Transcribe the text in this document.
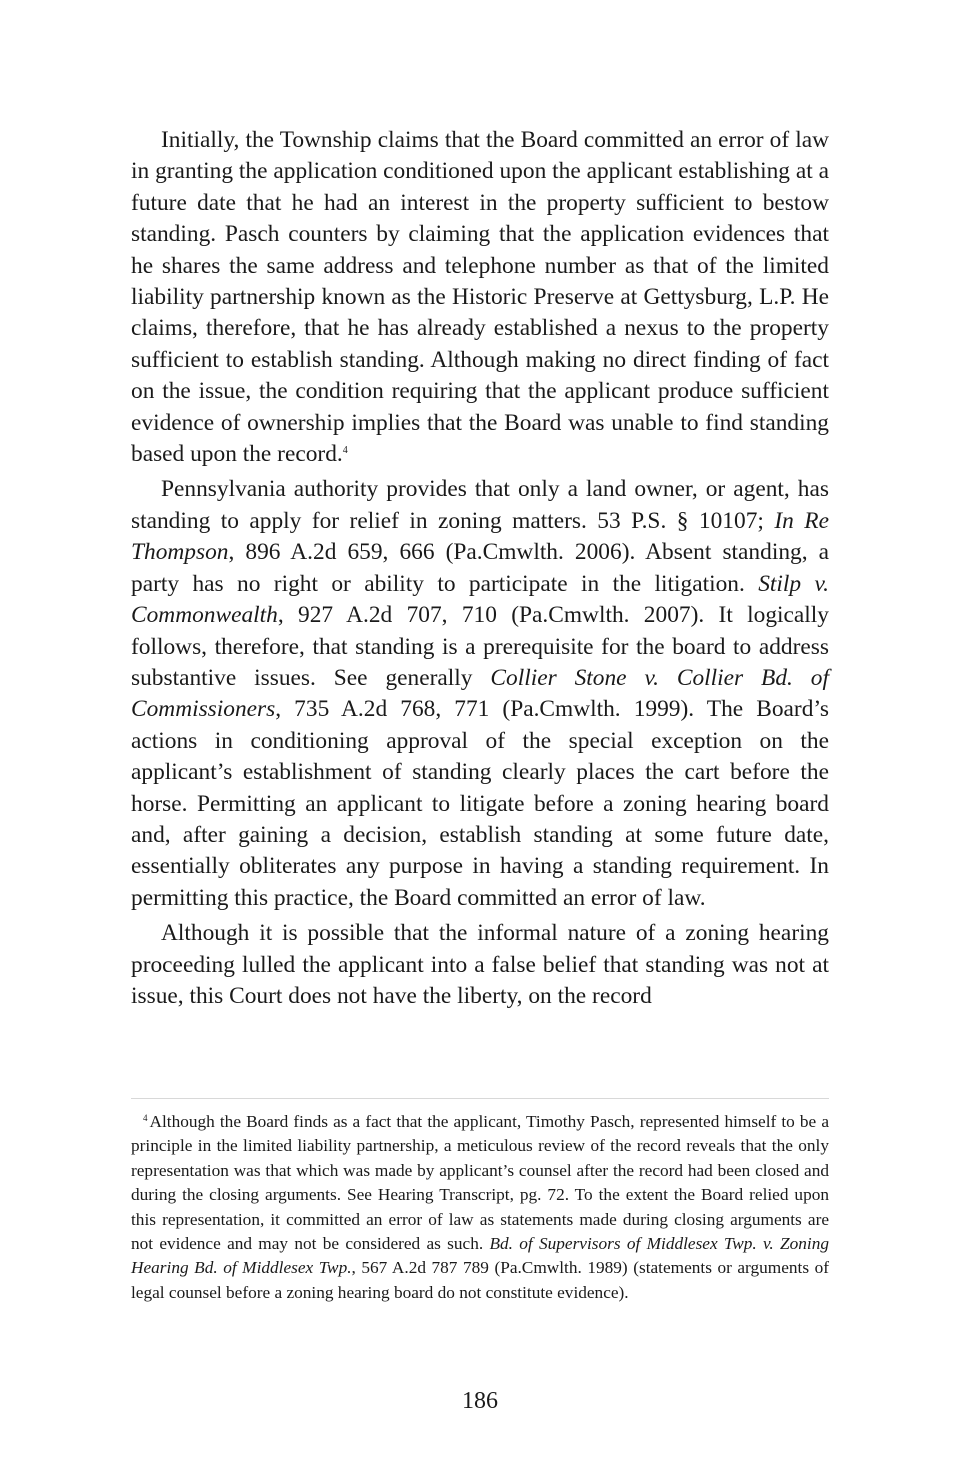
Initially, the Township claims that the Board committed an error of law in granting the application conditioned upon the applicant establishing at a future date that he had an interest in the property sufficient to bestow standing. Pasch counters by claiming that the application evidences that he shares the same address and telephone number as that of the limited liability partnership known as the Historic Preserve at Gettysburg, L.P. He claims, therefore, that he has already established a nexus to the property sufficient to establish standing. Although making no direct finding of fact on the issue, the condition requiring that the applicant produce sufficient evidence of ownership implies that the Board was unable to find standing based upon the record.$^4$

Pennsylvania authority provides that only a land owner, or agent, has standing to apply for relief in zoning matters. 53 P.S. § 10107; In Re Thompson, 896 A.2d 659, 666 (Pa.Cmwlth. 2006). Absent standing, a party has no right or ability to participate in the litigation. Stilp v. Commonwealth, 927 A.2d 707, 710 (Pa.Cmwlth. 2007). It logically follows, therefore, that standing is a prerequisite for the board to address substantive issues. See generally Collier Stone v. Collier Bd. of Commissioners, 735 A.2d 768, 771 (Pa.Cmwlth. 1999). The Board’s actions in conditioning approval of the special exception on the applicant’s establishment of standing clearly places the cart before the horse. Permitting an applicant to litigate before a zoning hearing board and, after gaining a decision, establish standing at some future date, essentially obliterates any purpose in having a standing requirement. In permitting this practice, the Board committed an error of law.

Although it is possible that the informal nature of a zoning hearing proceeding lulled the applicant into a false belief that standing was not at issue, this Court does not have the liberty, on the record

$^4$ Although the Board finds as a fact that the applicant, Timothy Pasch, represented himself to be a principle in the limited liability partnership, a meticulous review of the record reveals that the only representation was that which was made by applicant’s counsel after the record had been closed and during the closing arguments. See Hearing Transcript, pg. 72. To the extent the Board relied upon this representation, it committed an error of law as statements made during closing arguments are not evidence and may not be considered as such. Bd. of Supervisors of Middlesex Twp. v. Zoning Hearing Bd. of Middlesex Twp., 567 A.2d 787 789 (Pa.Cmwlth. 1989) (statements or arguments of legal counsel before a zoning hearing board do not constitute evidence).

186
